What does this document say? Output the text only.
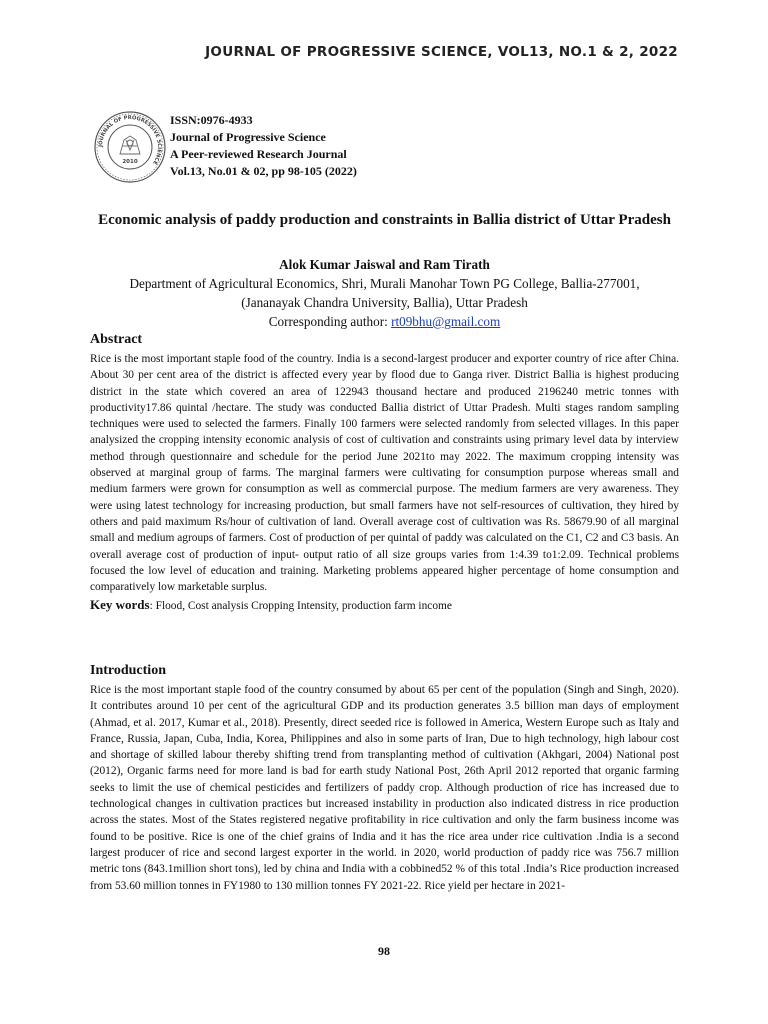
JOURNAL OF PROGRESSIVE SCIENCE, VOL13, NO.1 & 2, 2022
JOURNAL OF PROGRESSIVE SCIENCE
2010
ISSN:0976-4933
Journal of Progressive Science
A Peer-reviewed Research Journal
Vol.13, No.01 & 02, pp 98-105 (2022)
Economic analysis of paddy production and constraints in Ballia district of Uttar Pradesh
Alok Kumar Jaiswal and Ram Tirath
Department of Agricultural Economics, Shri, Murali Manohar Town PG College, Ballia-277001,
(Jananayak Chandra University, Ballia), Uttar Pradesh
Corresponding author: rt09bhu@gmail.com
Abstract

Rice is the most important staple food of the country. India is a second-largest producer and exporter country of rice after China. About 30 per cent area of the district is affected every year by flood due to Ganga river. District Ballia is highest producing district in the state which covered an area of 122943 thousand hectare and produced 2196240 metric tonnes with productivity17.86 quintal /hectare. The study was conducted Ballia district of Uttar Pradesh. Multi stages random sampling techniques were used to selected the farmers. Finally 100 farmers were selected randomly from selected villages. In this paper analysized the cropping intensity economic analysis of cost of cultivation and constraints using primary level data by interview method through questionnaire and schedule for the period June 2021to may 2022. The maximum cropping intensity was observed at marginal group of farms. The marginal farmers were cultivating for consumption purpose whereas small and medium farmers were grown for consumption as well as commercial purpose. The medium farmers are very awareness. They were using latest technology for increasing production, but small farmers have not self-resources of cultivation, they hired by others and paid maximum Rs/hour of cultivation of land. Overall average cost of cultivation was Rs. 58679.90 of all marginal small and medium agroups of farmers. Cost of production of per quintal of paddy was calculated on the C1, C2 and C3 basis. An overall average cost of production of input- output ratio of all size groups varies from 1:4.39 to1:2.09. Technical problems focused the low level of education and training. Marketing problems appeared higher percentage of home consumption and comparatively low marketable surplus.

Key words: Flood, Cost analysis Cropping Intensity, production farm income
Introduction

Rice is the most important staple food of the country consumed by about 65 per cent of the population (Singh and Singh, 2020). It contributes around 10 per cent of the agricultural GDP and its production generates 3.5 billion man days of employment (Ahmad, et al. 2017, Kumar et al., 2018). Presently, direct seeded rice is followed in America, Western Europe such as Italy and France, Russia, Japan, Cuba, India, Korea, Philippines and also in some parts of Iran, Due to high technology, high labour cost and shortage of skilled labour thereby shifting trend from transplanting method of cultivation (Akhgari, 2004) National post (2012), Organic farms need for more land is bad for earth study National Post, 26th April 2012 reported that organic farming seeks to limit the use of chemical pesticides and fertilizers of paddy crop. Although production of rice has increased due to technological changes in cultivation practices but increased instability in production also indicated distress in rice production across the states. Most of the States registered negative profitability in rice cultivation and only the farm business income was found to be positive. Rice is one of the chief grains of India and it has the rice area under rice cultivation .India is a second largest producer of rice and second largest exporter in the world. in 2020, world production of paddy rice was 756.7 million metric tons (843.1million short tons), led by china and India with a cobbined52 % of this total .India’s Rice production increased from 53.60 million tonnes in FY1980 to 130 million tonnes FY 2021-22. Rice yield per hectare in 2021-

98
